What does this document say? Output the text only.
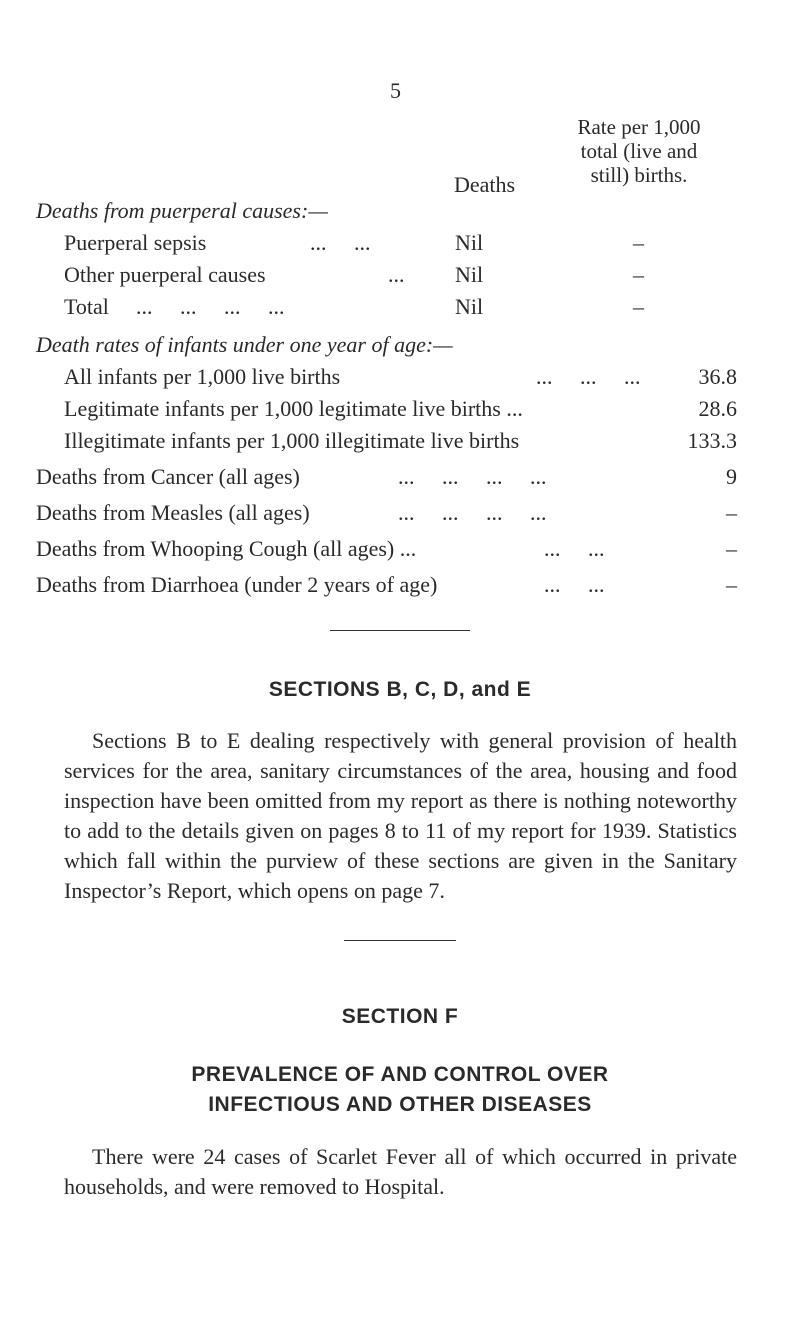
5
Rate per 1,000
total (live and
still) births.
Deaths
Deaths from puerperal causes:—
Puerperal sepsis	...     ...	Nil	–
Other puerperal causes	... Nil	–
Total ...     ...     ...     ...	Nil	–
Death rates of infants under one year of age:—
All infants per 1,000 live births	...     ...     ...	36.8
Legitimate infants per 1,000 legitimate live births ...	28.6
Illegitimate infants per 1,000 illegitimate live births	133.3
Deaths from Cancer (all ages)	...     ...     ...     ...	9
Deaths from Measles (all ages)	...     ...     ...     ...	–
Deaths from Whooping Cough (all ages) ...	...     ...	–
Deaths from Diarrhoea (under 2 years of age)	...     ...	–
SECTIONS B, C, D, and E
Sections B to E dealing respectively with general provision of health services for the area, sanitary circumstances of the area, housing and food inspection have been omitted from my report as there is nothing noteworthy to add to the details given on pages 8 to 11 of my report for 1939. Statistics which fall within the purview of these sections are given in the Sanitary Inspector’s Report, which opens on page 7.
SECTION F
PREVALENCE OF AND CONTROL OVER
INFECTIOUS AND OTHER DISEASES
There were 24 cases of Scarlet Fever all of which occurred in private households, and were removed to Hospital.
